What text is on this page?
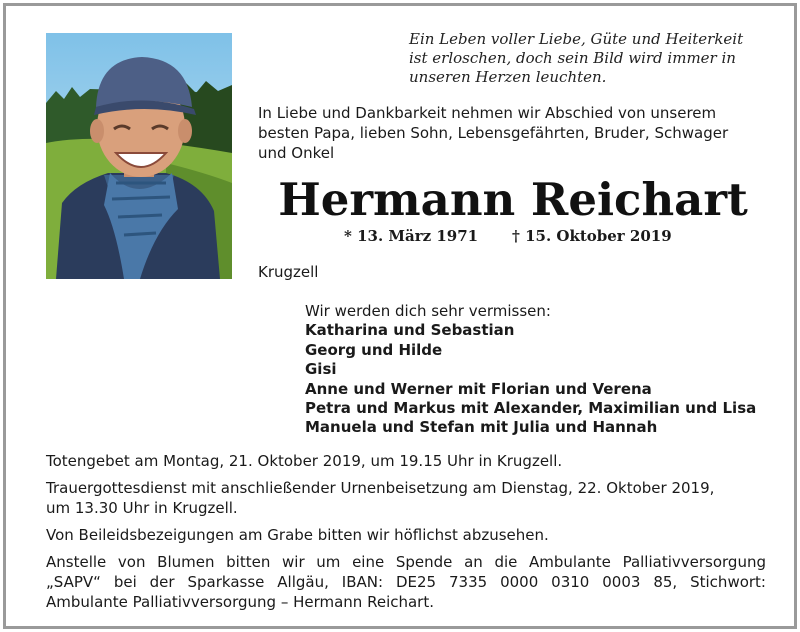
Ein Leben voller Liebe, Güte und Heiterkeit
ist erloschen, doch sein Bild wird immer in
unseren Herzen leuchten.
In Liebe und Dankbarkeit nehmen wir Abschied von unserem
besten Papa, lieben Sohn, Lebensgefährten, Bruder, Schwager
und Onkel
Hermann Reichart
* 13. März 1971 † 15. Oktober 2019
Krugzell
Wir werden dich sehr vermissen:
Katharina und Sebastian
Georg und Hilde
Gisi
Anne und Werner mit Florian und Verena
Petra und Markus mit Alexander, Maximilian und Lisa
Manuela und Stefan mit Julia und Hannah

Totengebet am Montag, 21. Oktober 2019, um 19.15 Uhr in Krugzell.

Trauergottesdienst mit anschließender Urnenbeisetzung am Dienstag, 22. Oktober 2019,
um 13.30 Uhr in Krugzell.

Von Beileidsbezeigungen am Grabe bitten wir höflichst abzusehen.

Anstelle von Blumen bitten wir um eine Spende an die Ambulante Palliativversorgung
„SAPV“ bei der Sparkasse Allgäu, IBAN: DE25 7335 0000 0310 0003 85, Stichwort:
Ambulante Palliativversorgung – Hermann Reichart.
